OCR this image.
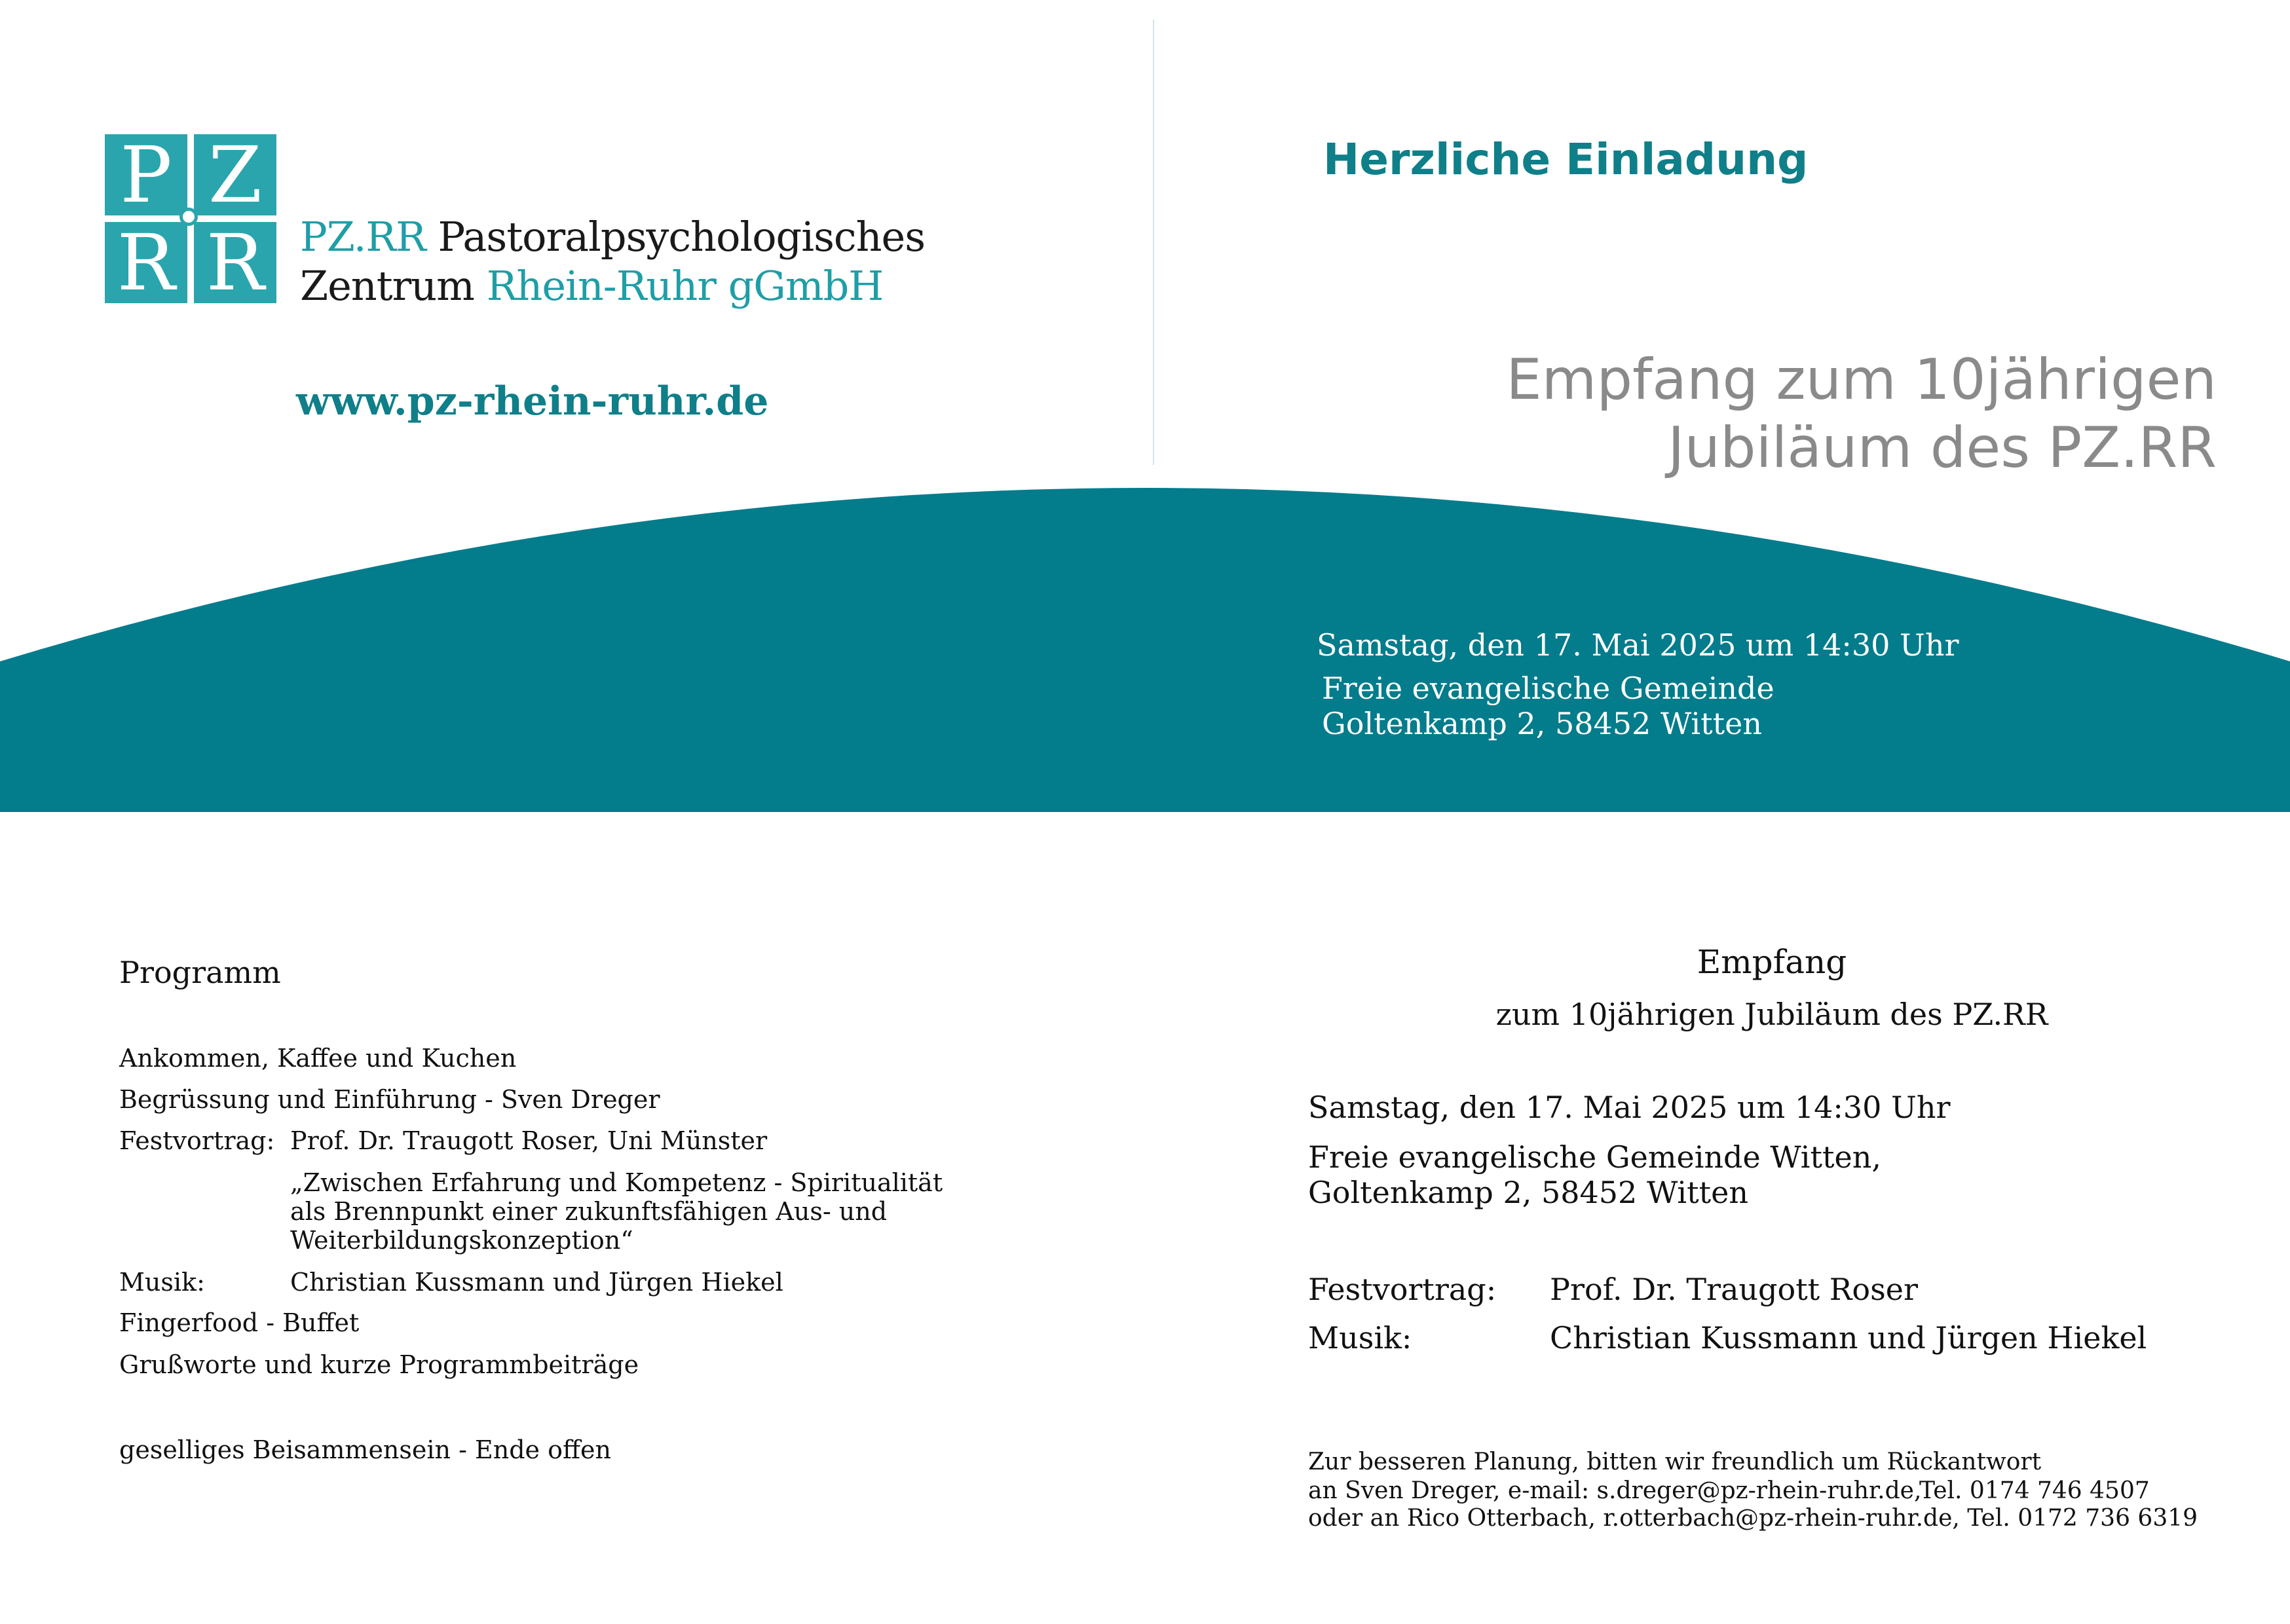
P Z
R R PZ.RR Pastoralpsychologisches
Zentrum Rhein-Ruhr gGmbH
www.pz-rhein-ruhr.de
Herzliche Einladung
Empfang zum 10jährigen
Jubiläum des PZ.RR
Samstag, den 17. Mai 2025 um 14:30 Uhr
Freie evangelische Gemeinde
Goltenkamp 2, 58452 Witten
Programm
Ankommen, Kaffee und Kuchen
Begrüssung und Einführung - Sven Dreger
Festvortrag: Prof. Dr. Traugott Roser, Uni Münster
„Zwischen Erfahrung und Kompetenz - Spiritualität
als Brennpunkt einer zukunftsfähigen Aus- und
Weiterbildungskonzeption“
Musik:	Christian Kussmann und Jürgen Hiekel
Fingerfood - Buffet
Grußworte und kurze Programmbeiträge
geselliges Beisammensein - Ende offen
Empfang
zum 10jährigen Jubiläum des PZ.RR
Samstag, den 17. Mai 2025 um 14:30 Uhr
Freie evangelische Gemeinde Witten,
Goltenkamp 2, 58452 Witten
Festvortrag: Prof. Dr. Traugott Roser
Musik:	Christian Kussmann und Jürgen Hiekel
Zur besseren Planung, bitten wir freundlich um Rückantwort
an Sven Dreger, e-mail: s.dreger@pz-rhein-ruhr.de,
Tel. 0174 746 4507
oder an Rico Otterbach, r.otterbach@pz-rhein-ruhr.de, Tel. 0172 736 6319
